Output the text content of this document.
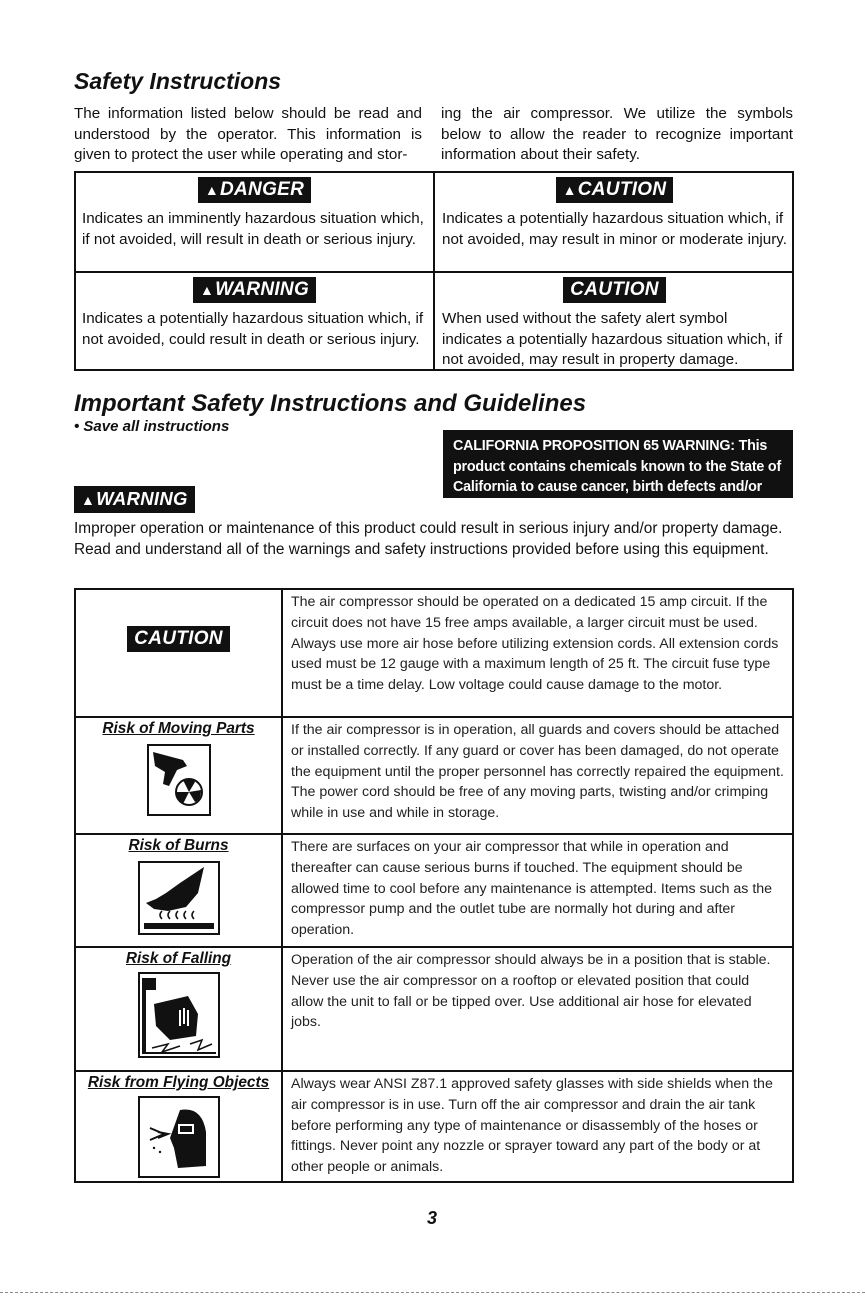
Safety Instructions
The information listed below should be read and understood by the operator. This information is given to protect the user while operating and stor-
ing the air compressor. We utilize the symbols below to allow the reader to recognize important information about their safety.
▲DANGER
Indicates an imminently hazardous situation which, if not avoided, will result in death or serious injury.
▲CAUTION
Indicates a potentially hazardous situation which, if not avoided, may result in minor or moderate injury.
▲WARNING
Indicates a potentially hazardous situation which, if not avoided, could result in death or serious injury.
CAUTION
When used without the safety alert symbol indicates a potentially hazardous situation which, if not avoided, may result in property damage.
Important Safety Instructions and Guidelines
• Save all instructions
CALIFORNIA PROPOSITION 65 WARNING: This product contains chemicals known to the State of California to cause cancer, birth defects and/or reproductive harm.
▲WARNING
Improper operation or maintenance of this product could result in serious injury and/or property damage. Read and understand all of the warnings and safety instructions provided before using this equipment.
CAUTION	The air compressor should be operated on a dedicated 15 amp circuit. If the circuit does not have 15 free amps available, a larger circuit must be used. Always use more air hose before utilizing extension cords. All extension cords used must be 12 gauge with a maximum length of 25 ft. The circuit fuse type must be a time delay. Low voltage could cause damage to the motor.

Risk of Moving Parts	If the air compressor is in operation, all guards and covers should be attached or installed correctly. If any guard or cover has been damaged, do not operate the equipment until the proper personnel has correctly repaired the equipment. The power cord should be free of any moving parts, twisting and/or crimping while in use and while in storage.

Risk of Burns	There are surfaces on your air compressor that while in operation and thereafter can cause serious burns if touched. The equipment should be allowed time to cool before any maintenance is attempted. Items such as the compressor pump and the outlet tube are normally hot during and after operation.

Risk of Falling	Operation of the air compressor should always be in a position that is stable. Never use the air compressor on a rooftop or elevated position that could allow the unit to fall or be tipped over. Use additional air hose for elevated jobs.

Risk from Flying Objects	Always wear ANSI Z87.1 approved safety glasses with side shields when the air compressor is in use. Turn off the air compressor and drain the air tank before performing any type of maintenance or disassembly of the hoses or fittings. Never point any nozzle or sprayer toward any part of the body or at other people or animals.
3
